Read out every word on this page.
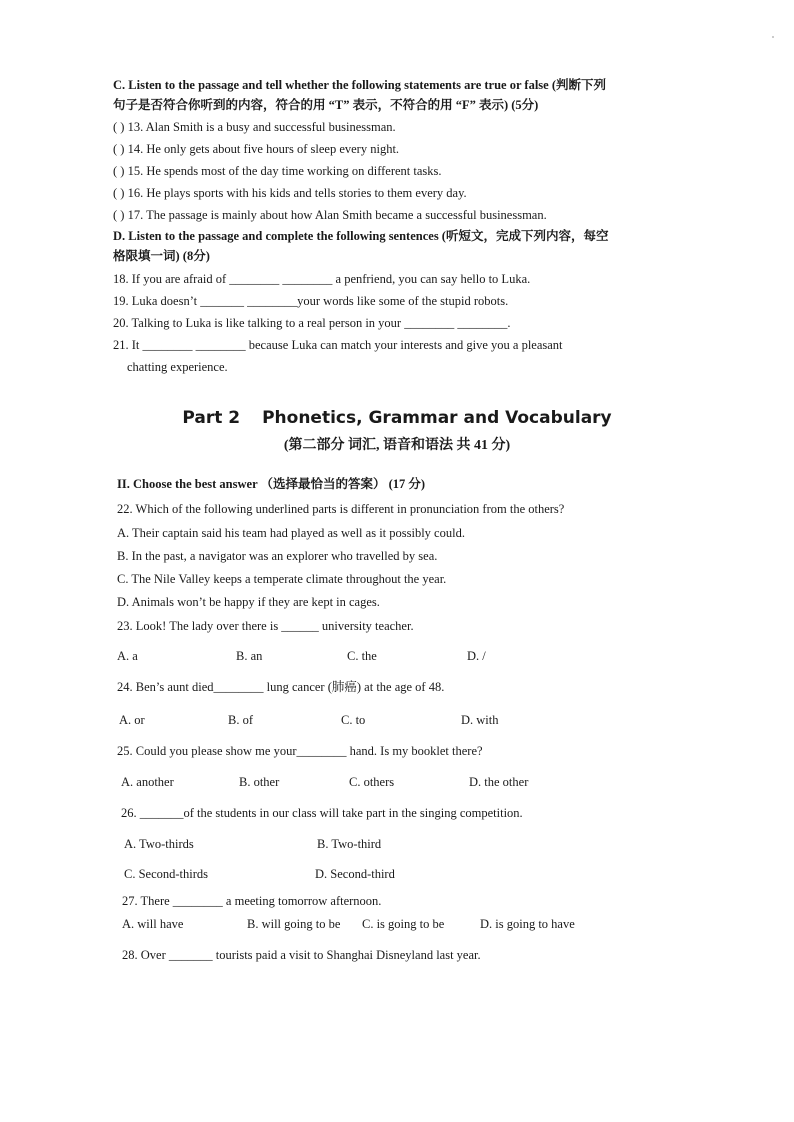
C. Listen to the passage and tell whether the following statements are true or false (判断下列
句子是否符合你听到的内容，符合的用 “T” 表示，不符合的用 “F” 表示) (5分)
( ) 13. Alan Smith is a busy and successful businessman.
( ) 14. He only gets about five hours of sleep every night.
( ) 15. He spends most of the day time working on different tasks.
( ) 16. He plays sports with his kids and tells stories to them every day.
( ) 17. The passage is mainly about how Alan Smith became a successful businessman.
D. Listen to the passage and complete the following sentences (听短文，完成下列内容，每空
格限填一词) (8分)
18. If you are afraid of ________ ________ a penfriend, you can say hello to Luka.
19. Luka doesn’t _______ ________your words like some of the stupid robots.
20. Talking to Luka is like talking to a real person in your ________ ________.
21. It ________ ________ because Luka can match your interests and give you a pleasant
chatting experience.
Part 2 Phonetics, Grammar and Vocabulary
(第二部分 词汇, 语音和语法 共 41 分)
II. Choose the best answer （选择最恰当的答案） (17 分)
22. Which of the following underlined parts is different in pronunciation from the others?
A. Their captain said his team had played as well as it possibly could.
B. In the past, a navigator was an explorer who travelled by sea.
C. The Nile Valley keeps a temperate climate throughout the year.
D. Animals won’t be happy if they are kept in cages.
23. Look! The lady over there is ______ university teacher.
A. a	B. an	C. the	D. /
24. Ben’s aunt died________ lung cancer (肺癌) at the age of 48.
A. or	B. of	C. to	D. with
25. Could you please show me your________ hand. Is my booklet there?
A. another	B. other	C. others	D. the other
26. _______of the students in our class will take part in the singing competition.
A. Two-thirds	B. Two-third
C. Second-thirds	D. Second-third
27. There ________ a meeting tomorrow afternoon.
A. will have	B. will going to be C. is going to be	D. is going to have
28. Over _______ tourists paid a visit to Shanghai Disneyland last year.
